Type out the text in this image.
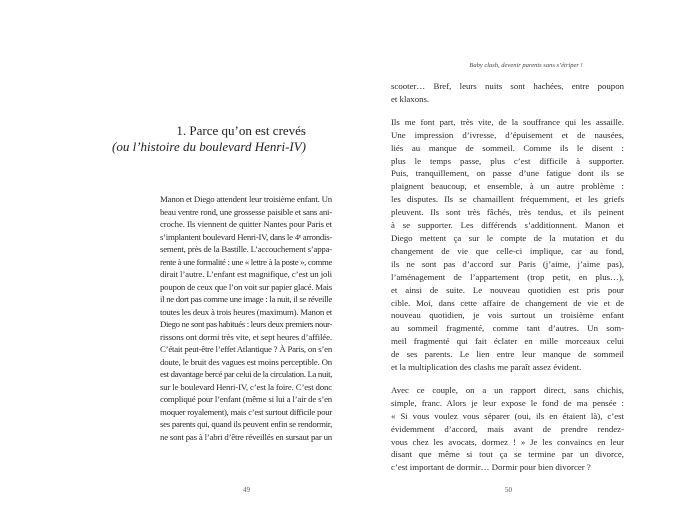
1. Parce qu’on est crevés
(ou l’histoire du boulevard Henri-IV)
Manon et Diego attendent leur troisième enfant. Un
beau ventre rond, une grossesse paisible et sans ani-
croche. Ils viennent de quitter Nantes pour Paris et
s’implantent boulevard Henri-IV, dans le 4ᵉ arrondis-
sement, près de la Bastille. L’accouchement s’appa-
rente à une formalité : une « lettre à la poste », comme
dirait l’autre. L’enfant est magnifique, c’est un joli
poupon de ceux que l’on voit sur papier glacé. Mais
il ne dort pas comme une image : la nuit, il se réveille
toutes les deux à trois heures (maximum). Manon et
Diego ne sont pas habitués : leurs deux premiers nour-
rissons ont dormi très vite, et sept heures d’affilée.
C’était peut-être l’effet Atlantique ? À Paris, on s’en
doute, le bruit des vagues est moins perceptible. On
est davantage bercé par celui de la circulation. La nuit,
sur le boulevard Henri-IV, c’est la foire. C’est donc
compliqué pour l’enfant (même si lui a l’air de s’en
moquer royalement), mais c’est surtout difficile pour
ses parents qui, quand ils peuvent enfin se rendormir,
ne sont pas à l’abri d’être réveillés en sursaut par un
49
Baby clash, devenir parents sans s’étriper !
scooter… Bref, leurs nuits sont hachées, entre poupon
et klaxons.
Ils me font part, très vite, de la souffrance qui les assaille.
Une impression d’ivresse, d’épuisement et de nausées,
liés au manque de sommeil. Comme ils le disent :
plus le temps passe, plus c’est difficile à supporter.
Puis, tranquillement, on passe d’une fatigue dont ils se
plaignent beaucoup, et ensemble, à un autre problème :
les disputes. Ils se chamaillent fréquemment, et les griefs
pleuvent. Ils sont très fâchés, très tendus, et ils peinent
à se supporter. Les différends s’additionnent. Manon et
Diego mettent ça sur le compte de la mutation et du
changement de vie que celle-ci implique, car au fond,
ils ne sont pas d’accord sur Paris (j’aime, j’aime pas),
l’aménagement de l’appartement (trop petit, en plus…),
et ainsi de suite. Le nouveau quotidien est pris pour
cible. Moi, dans cette affaire de changement de vie et de
nouveau quotidien, je vois surtout un troisième enfant
au sommeil fragmenté, comme tant d’autres. Un som-
meil fragmenté qui fait éclater en mille morceaux celui
de ses parents. Le lien entre leur manque de sommeil
et la multiplication des clashs me paraît assez évident.
Avec ce couple, on a un rapport direct, sans chichis,
simple, franc. Alors je leur expose le fond de ma pensée :
« Si vous voulez vous séparer (oui, ils en étaient là), c’est
évidemment d’accord, mais avant de prendre rendez-
vous chez les avocats, dormez ! » Je les convaincs en leur
disant que même si tout ça se termine par un divorce,
c’est important de dormir… Dormir pour bien divorcer ?
50
